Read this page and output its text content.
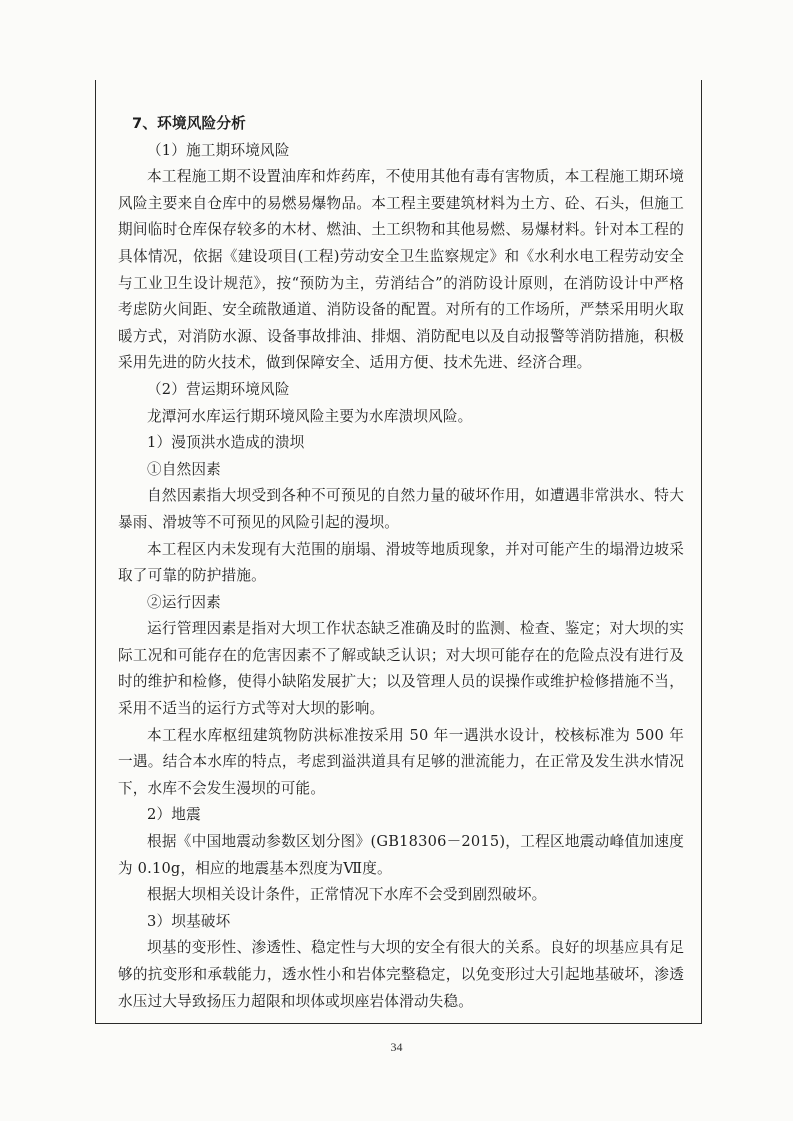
7、环境风险分析

（1）施工期环境风险

本工程施工期不设置油库和炸药库，不使用其他有毒有害物质，本工程施工期环境风险主要来自仓库中的易燃易爆物品。本工程主要建筑材料为土方、砼、石头，但施工期间临时仓库保存较多的木材、燃油、土工织物和其他易燃、易爆材料。针对本工程的具体情况，依据《建设项目(工程)劳动安全卫生监察规定》和《水利水电工程劳动安全与工业卫生设计规范》，按“预防为主，劳消结合”的消防设计原则，在消防设计中严格考虑防火间距、安全疏散通道、消防设备的配置。对所有的工作场所，严禁采用明火取暖方式，对消防水源、设备事故排油、排烟、消防配电以及自动报警等消防措施，积极采用先进的防火技术，做到保障安全、适用方便、技术先进、经济合理。

（2）营运期环境风险

龙潭河水库运行期环境风险主要为水库溃坝风险。

1）漫顶洪水造成的溃坝

①自然因素

自然因素指大坝受到各种不可预见的自然力量的破坏作用，如遭遇非常洪水、特大暴雨、滑坡等不可预见的风险引起的漫坝。

本工程区内未发现有大范围的崩塌、滑坡等地质现象，并对可能产生的塌滑边坡采取了可靠的防护措施。

②运行因素

运行管理因素是指对大坝工作状态缺乏准确及时的监测、检查、鉴定；对大坝的实际工况和可能存在的危害因素不了解或缺乏认识；对大坝可能存在的危险点没有进行及时的维护和检修，使得小缺陷发展扩大；以及管理人员的误操作或维护检修措施不当，采用不适当的运行方式等对大坝的影响。

本工程水库枢纽建筑物防洪标准按采用 50 年一遇洪水设计，校核标准为 500 年一遇。结合本水库的特点，考虑到溢洪道具有足够的泄流能力，在正常及发生洪水情况下，水库不会发生漫坝的可能。

2）地震

根据《中国地震动参数区划分图》(GB18306－2015)，工程区地震动峰值加速度为 0.10g，相应的地震基本烈度为Ⅶ度。

根据大坝相关设计条件，正常情况下水库不会受到剧烈破坏。

3）坝基破坏

坝基的变形性、渗透性、稳定性与大坝的安全有很大的关系。良好的坝基应具有足够的抗变形和承载能力，透水性小和岩体完整稳定，以免变形过大引起地基破坏，渗透水压过大导致扬压力超限和坝体或坝座岩体滑动失稳。

34
